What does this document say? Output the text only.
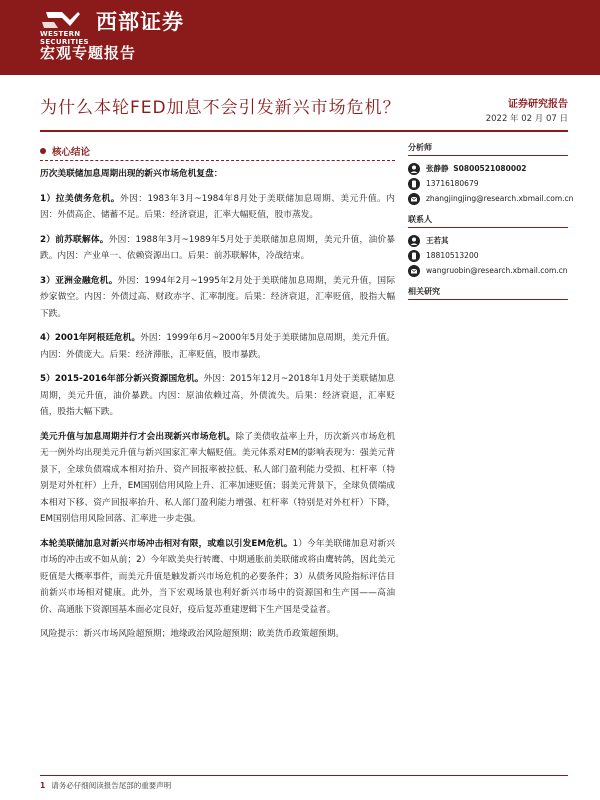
WESTERN SECURITIES
西部证券
宏观专题报告
为什么本轮FED加息不会引发新兴市场危机？	证券研究报告
2022 年 02 月 07 日
核心结论

历次美联储加息周期出现的新兴市场危机复盘：

1）拉美债务危机。外因：1983年3月~1984年8月处于美联储加息周期、美元升值。内因：外债高企、储蓄不足。后果：经济衰退，汇率大幅贬值，股市蒸发。

2）前苏联解体。外因：1988年3月~1989年5月处于美联储加息周期，美元升值，油价暴跌。内因：产业单一、依赖资源出口。后果：前苏联解体，冷战结束。

3）亚洲金融危机。外因：1994年2月~1995年2月处于美联储加息周期，美元升值，国际炒家做空。内因：外债过高、财政赤字、汇率制度。后果：经济衰退，汇率贬值，股指大幅下跌。

4）2001年阿根廷危机。外因：1999年6月~2000年5月处于美联储加息周期，美元升值。内因：外债庞大。后果：经济滞胀，汇率贬值，股市暴跌。

5）2015-2016年部分新兴资源国危机。外因：2015年12月~2018年1月处于美联储加息周期，美元升值，油价暴跌。内因：原油依赖过高，外债流失。后果：经济衰退，汇率贬值，股指大幅下跌。

美元升值与加息周期并行才会出现新兴市场危机。除了美债收益率上升，历次新兴市场危机无一例外均出现美元升值与新兴国家汇率大幅贬值。美元体系对EM的影响表现为：强美元背景下，全球负债端成本相对抬升、资产回报率被拉低、私人部门盈利能力受损、杠杆率（特别是对外杠杆）上升，EM国别信用风险上升、汇率加速贬值；弱美元背景下，全球负债端成本相对下移、资产回报率抬升、私人部门盈利能力增强、杠杆率（特别是对外杠杆）下降，EM国别信用风险回落、汇率进一步走强。

本轮美联储加息对新兴市场冲击相对有限，或难以引发EM危机。1）今年美联储加息对新兴市场的冲击或不如从前；2）今年欧美央行转鹰、中期通胀前美联储或将由鹰转鸽，因此美元贬值是大概率事件，而美元升值是触发新兴市场危机的必要条件；3）从债务风险指标评估目前新兴市场相对健康。此外，当下宏观场景也利好新兴市场中的资源国和生产国——高油价、高通胀下资源国基本面必定良好，疫后复苏重建逻辑下生产国是受益者。

风险提示：新兴市场风险超预期；地缘政治风险超预期；欧美货币政策超预期。

分析师
张静静
S0800521080002
13716180679
zhangjingjing@research.xbmail.com.cn
联系人
王若其
18810513200
wangruobin@research.xbmail.com.cn
相关研究
1 请务必仔细阅读报告尾部的重要声明
